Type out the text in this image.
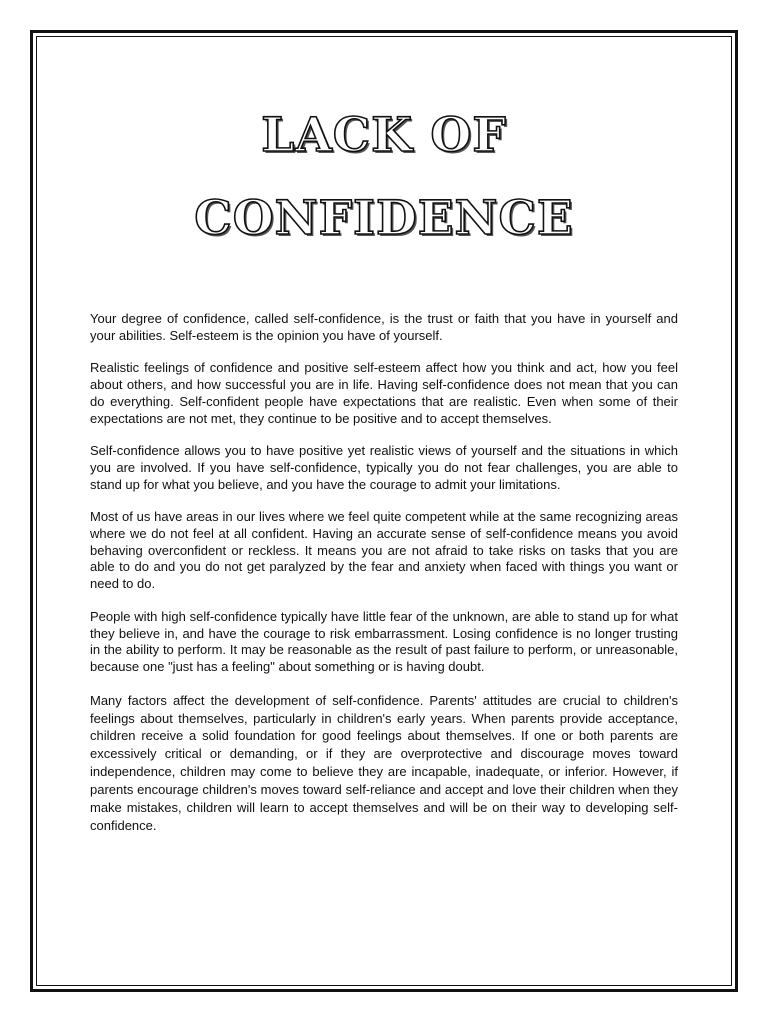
LACK OF
CONFIDENCE

Your degree of confidence, called self-confidence, is the trust or faith that you have in yourself and your abilities. Self-esteem is the opinion you have of yourself.

Realistic feelings of confidence and positive self-esteem affect how you think and act, how you feel about others, and how successful you are in life. Having self-confidence does not mean that you can do everything. Self-confident people have expectations that are realistic. Even when some of their expectations are not met, they continue to be positive and to accept themselves.

Self-confidence allows you to have positive yet realistic views of yourself and the situations in which you are involved. If you have self-confidence, typically you do not fear challenges, you are able to stand up for what you believe, and you have the courage to admit your limitations.

Most of us have areas in our lives where we feel quite competent while at the same recognizing areas where we do not feel at all confident. Having an accurate sense of self-confidence means you avoid behaving overconfident or reckless. It means you are not afraid to take risks on tasks that you are able to do and you do not get paralyzed by the fear and anxiety when faced with things you want or need to do.

People with high self-confidence typically have little fear of the unknown, are able to stand up for what they believe in, and have the courage to risk embarrassment. Losing confidence is no longer trusting in the ability to perform. It may be reasonable as the result of past failure to perform, or unreasonable, because one "just has a feeling" about something or is having doubt.

Many factors affect the development of self-confidence. Parents' attitudes are crucial to children's feelings about themselves, particularly in children's early years. When parents provide acceptance, children receive a solid foundation for good feelings about themselves. If one or both parents are excessively critical or demanding, or if they are overprotective and discourage moves toward independence, children may come to believe they are incapable, inadequate, or inferior. However, if parents encourage children's moves toward self-reliance and accept and love their children when they make mistakes, children will learn to accept themselves and will be on their way to developing self-confidence.
